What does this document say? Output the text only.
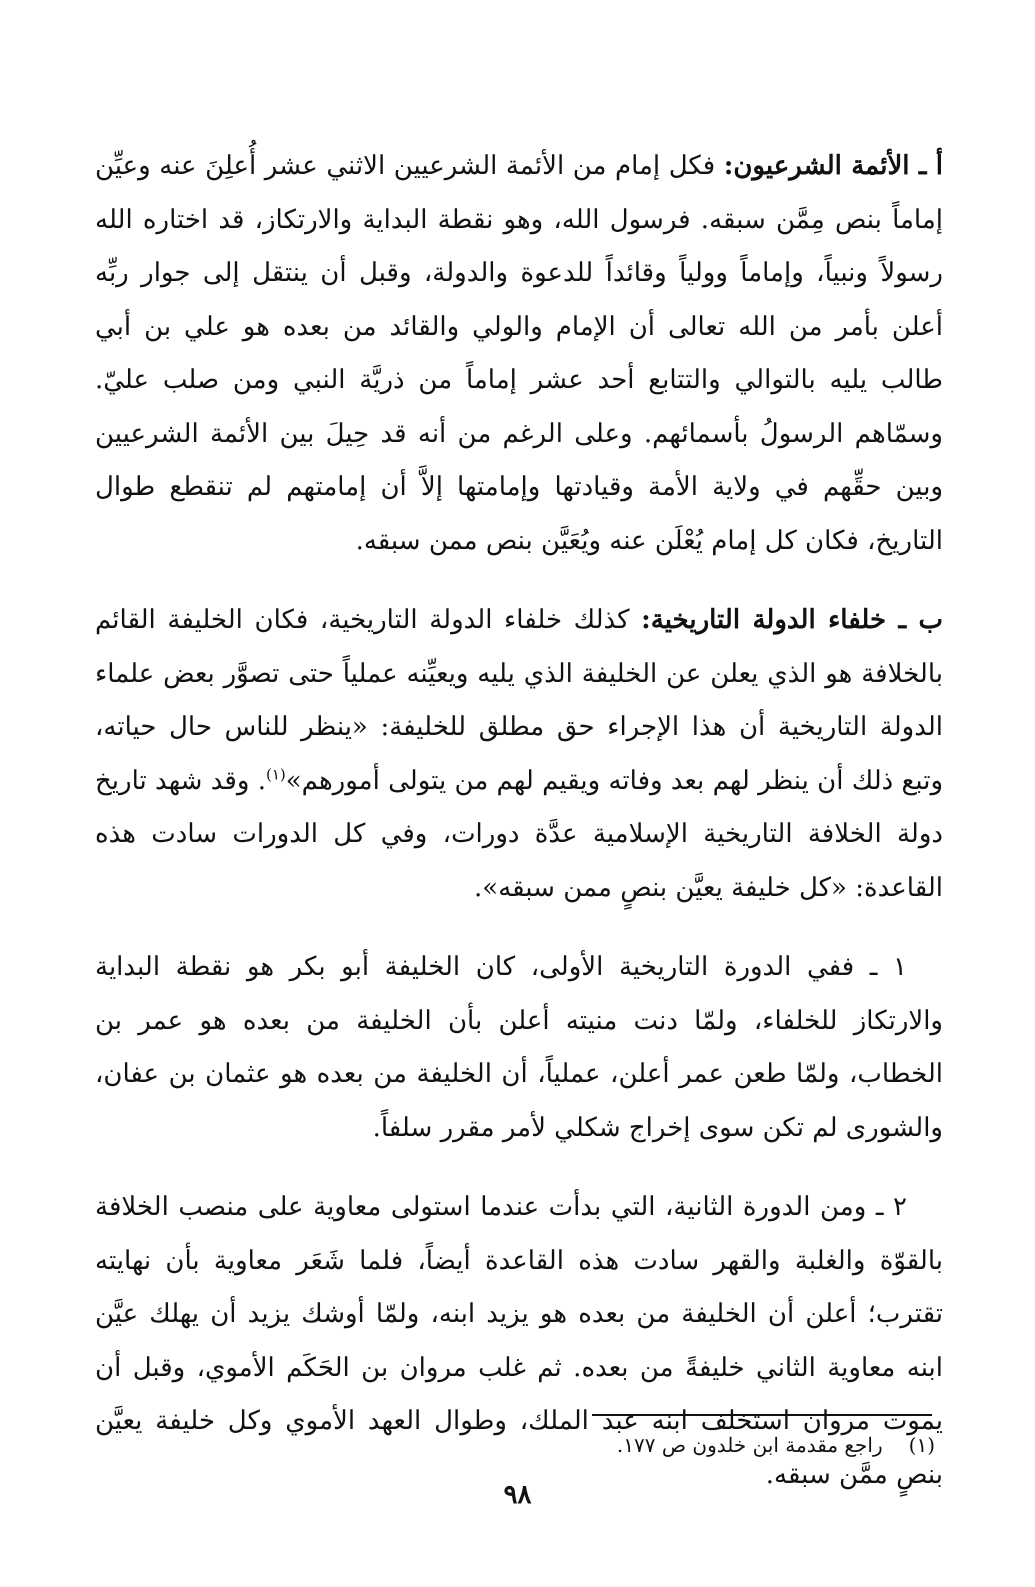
أ ـ الأئمة الشرعيون: فكل إمام من الأئمة الشرعيين الاثني عشر أُعلِنَ عنه وعيِّن إماماً بنص مِمَّن سبقه. فرسول الله، وهو نقطة البداية والارتكاز، قد اختاره الله رسولاً ونبياً، وإماماً وولياً وقائداً للدعوة والدولة، وقبل أن ينتقل إلى جوار ربِّه أعلن بأمر من الله تعالى أن الإمام والولي والقائد من بعده هو علي بن أبي طالب يليه بالتوالي والتتابع أحد عشر إماماً من ذريَّة النبي ومن صلب عليّ. وسمّاهم الرسولُ بأسمائهم. وعلى الرغم من أنه قد حِيلَ بين الأئمة الشرعيين وبين حقِّهم في ولاية الأمة وقيادتها وإمامتها إلاَّ أن إمامتهم لم تنقطع طوال التاريخ، فكان كل إمام يُعْلَن عنه ويُعَيَّن بنص ممن سبقه.

ب ـ خلفاء الدولة التاريخية: كذلك خلفاء الدولة التاريخية، فكان الخليفة القائم بالخلافة هو الذي يعلن عن الخليفة الذي يليه ويعيِّنه عملياً حتى تصوَّر بعض علماء الدولة التاريخية أن هذا الإجراء حق مطلق للخليفة: «ينظر للناس حال حياته، وتبع ذلك أن ينظر لهم بعد وفاته ويقيم لهم من يتولى أمورهم»$^{(١)}$. وقد شهد تاريخ دولة الخلافة التاريخية الإسلامية عدَّة دورات، وفي كل الدورات سادت هذه القاعدة: «كل خليفة يعيَّن بنصٍ ممن سبقه».

١ ـ ففي الدورة التاريخية الأولى، كان الخليفة أبو بكر هو نقطة البداية والارتكاز للخلفاء، ولمّا دنت منيته أعلن بأن الخليفة من بعده هو عمر بن الخطاب، ولمّا طعن عمر أعلن، عملياً، أن الخليفة من بعده هو عثمان بن عفان، والشورى لم تكن سوى إخراج شكلي لأمر مقرر سلفاً.

٢ ـ ومن الدورة الثانية، التي بدأت عندما استولى معاوية على منصب الخلافة بالقوّة والغلبة والقهر سادت هذه القاعدة أيضاً، فلما شَعَر معاوية بأن نهايته تقترب؛ أعلن أن الخليفة من بعده هو يزيد ابنه، ولمّا أوشك يزيد أن يهلك عيَّن ابنه معاوية الثاني خليفةً من بعده. ثم غلب مروان بن الحَكَم الأموي، وقبل أن يموت مروان استخلف ابنه عبد الملك، وطوال العهد الأموي وكل خليفة يعيَّن بنصٍ ممَّن سبقه.

(١)راجع مقدمة ابن خلدون ص ١٧٧.
٩٨
